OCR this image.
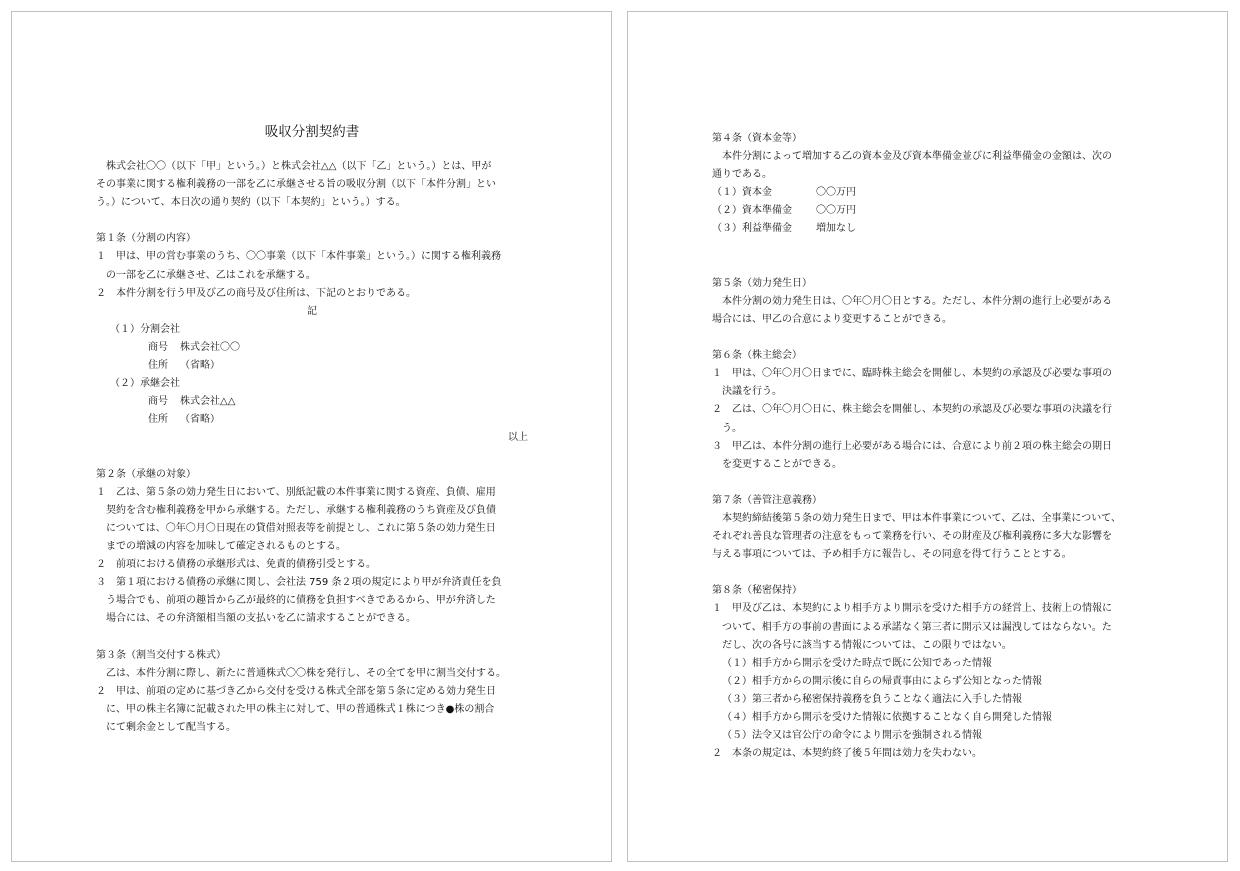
吸収分割契約書
株式会社〇〇（以下「甲」という。）と株式会社△△（以下「乙」という。）とは、甲が
その事業に関する権利義務の一部を乙に承継させる旨の吸収分割（以下「本件分割」とい
う。）について、本日次の通り契約（以下「本契約」という。）する。
第１条（分割の内容）
１　甲は、甲の営む事業のうち、〇〇事業（以下「本件事業」という。）に関する権利義務
の一部を乙に承継させ、乙はこれを承継する。
２　本件分割を行う甲及び乙の商号及び住所は、下記のとおりである。
記
（１）分割会社
商号 株式会社〇〇
住所 （省略）
（２）承継会社
商号 株式会社△△
住所 （省略）
以上
第２条（承継の対象）
１　乙は、第５条の効力発生日において、別紙記載の本件事業に関する資産、負債、雇用
契約を含む権利義務を甲から承継する。ただし、承継する権利義務のうち資産及び負債
については、〇年〇月〇日現在の貸借対照表等を前提とし、これに第５条の効力発生日
までの増減の内容を加味して確定されるものとする。
２　前項における債務の承継形式は、免責的債務引受とする。
３　第１項における債務の承継に関し、会社法 759 条２項の規定により甲が弁済責任を負
う場合でも、前項の趣旨から乙が最終的に債務を負担すべきであるから、甲が弁済した
場合には、その弁済額相当額の支払いを乙に請求することができる。
第３条（割当交付する株式）
乙は、本件分割に際し、新たに普通株式〇〇株を発行し、その全てを甲に割当交付する。
２　甲は、前項の定めに基づき乙から交付を受ける株式全部を第５条に定める効力発生日
に、甲の株主名簿に記載された甲の株主に対して、甲の普通株式１株につき●株の割合
にて剰余金として配当する。
第４条（資本金等）
本件分割によって増加する乙の資本金及び資本準備金並びに利益準備金の金額は、次の
通りである。
（１）資本金	〇〇万円
（２）資本準備金 〇〇万円
（３）利益準備金 増加なし
第５条（効力発生日）
本件分割の効力発生日は、〇年〇月〇日とする。ただし、本件分割の進行上必要がある
場合には、甲乙の合意により変更することができる。
第６条（株主総会）
１　甲は、〇年〇月〇日までに、臨時株主総会を開催し、本契約の承認及び必要な事項の
決議を行う。
２　乙は、〇年〇月〇日に、株主総会を開催し、本契約の承認及び必要な事項の決議を行
う。
３　甲乙は、本件分割の進行上必要がある場合には、合意により前２項の株主総会の期日
を変更することができる。
第７条（善管注意義務）
本契約締結後第５条の効力発生日まで、甲は本件事業について、乙は、全事業について、
それぞれ善良な管理者の注意をもって業務を行い、その財産及び権利義務に多大な影響を
与える事項については、予め相手方に報告し、その同意を得て行うこととする。
第８条（秘密保持）
１　甲及び乙は、本契約により相手方より開示を受けた相手方の経営上、技術上の情報に
ついて、相手方の事前の書面による承諾なく第三者に開示又は漏洩してはならない。た
だし、次の各号に該当する情報については、この限りではない。
（１）相手方から開示を受けた時点で既に公知であった情報
（２）相手方からの開示後に自らの帰責事由によらず公知となった情報
（３）第三者から秘密保持義務を負うことなく適法に入手した情報
（４）相手方から開示を受けた情報に依拠することなく自ら開発した情報
（５）法令又は官公庁の命令により開示を強制される情報
２　本条の規定は、本契約終了後５年間は効力を失わない。
